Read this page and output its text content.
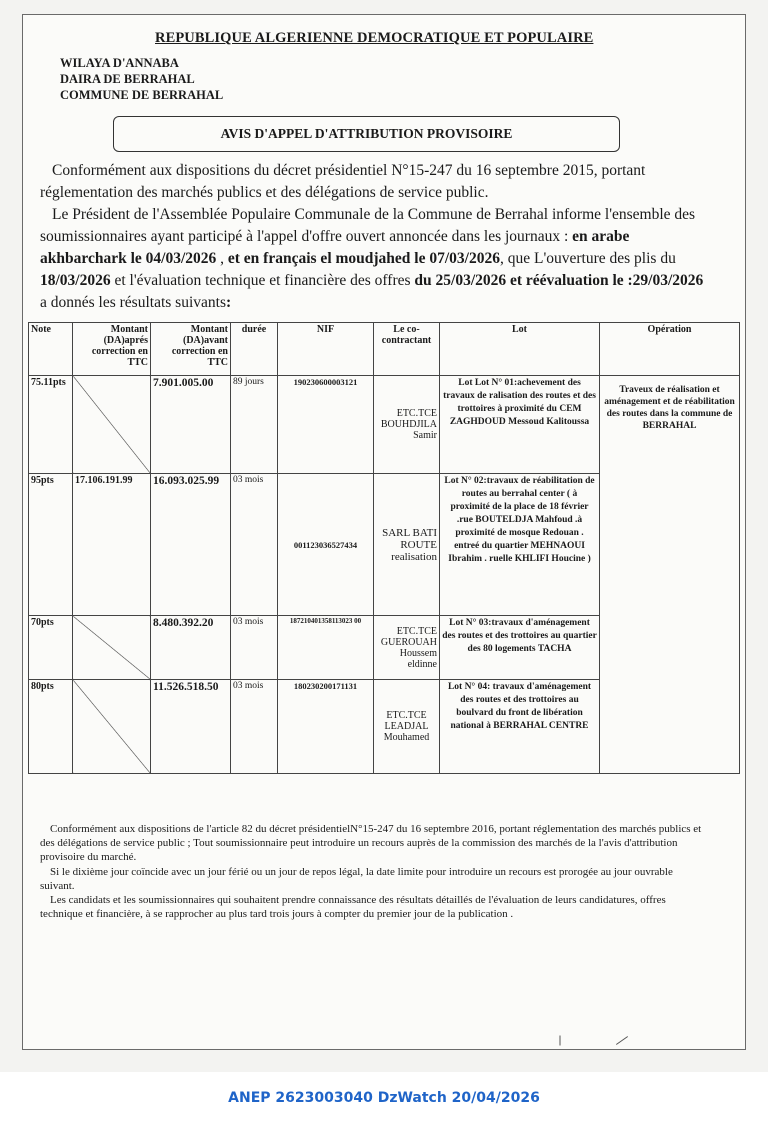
REPUBLIQUE ALGERIENNE DEMOCRATIQUE ET POPULAIRE
WILAYA D'ANNABA
DAIRA DE BERRAHAL
COMMUNE DE BERRAHAL
AVIS D'APPEL D'ATTRIBUTION PROVISOIRE

Conformément aux dispositions du décret présidentiel N°15-247 du 16 septembre 2015, portant réglementation des marchés publics et des délégations de service public.

Le Président de l'Assemblée Populaire Communale de la Commune de Berrahal informe l'ensemble des soumissionnaires ayant participé à l'appel d'offre ouvert annoncée dans les journaux : en arabe akhbarchark le 04/03/2026 , et en français el moudjahed le 07/03/2026, que L'ouverture des plis du 18/03/2026 et l'évaluation technique et financière des offres du 25/03/2026 et réévaluation le :29/03/2026 a donnés les résultats suivants:

Note	Montant (DA)aprés correction en TTC	Montant (DA)avant correction en TTC	durée	NIF	Le co-contractant	Lot	Opération
75.11pts		7.901.005.00	89 jours	190230600003121	ETC.TCE BOUHDJILA Samir	Lot Lot N° 01:achevement des travaux de ralisation des routes et des trottoires à proximité du CEM ZAGHDOUD Messoud Kalitoussa	Traveux de réalisation et aménagement et de réabilitation des routes dans la commune de BERRAHAL
95pts	17.106.191.99	16.093.025.99	03 mois	001123036527434	SARL BATI ROUTE realisation	Lot N° 02:travaux de réabilitation de routes au berrahal center ( à proximité de la place de 18 février .rue BOUTELDJA Mahfoud .à proximité de mosque Redouan . entreé du quartier MEHNAOUI Ibrahim . ruelle KHLIFI Houcine )	
70pts		8.480.392.20	03 mois	187210401358113023 00	ETC.TCE GUEROUAH Houssem eldinne	Lot N° 03:travaux d'aménagement des routes et des trottoires au quartier des 80 logements TACHA	
80pts		11.526.518.50	03 mois	180230200171131	ETC.TCE LEADJAL Mouhamed	Lot N° 04: travaux d'aménagement des routes et des trottoires au boulvard du front de libération national à BERRAHAL CENTRE	

Conformément aux dispositions de l'article 82 du décret présidentielN°15-247 du 16 septembre 2016, portant réglementation des marchés publics et des délégations de service public ; Tout soumissionnaire peut introduire un recours auprès de la commission des marchés de la l'avis d'attribution provisoire du marché.

Si le dixième jour coïncide avec un jour férié ou un jour de repos légal, la date limite pour introduire un recours est prorogée au jour ouvrable suivant.

Les candidats et les soumissionnaires qui souhaitent prendre connaissance des résultats détaillés de l'évaluation de leurs candidatures, offres technique et financière, à se rapprocher au plus tard trois jours à compter du premier jour de la publication .

ANEP 2623003040 DzWatch 20/04/2026
